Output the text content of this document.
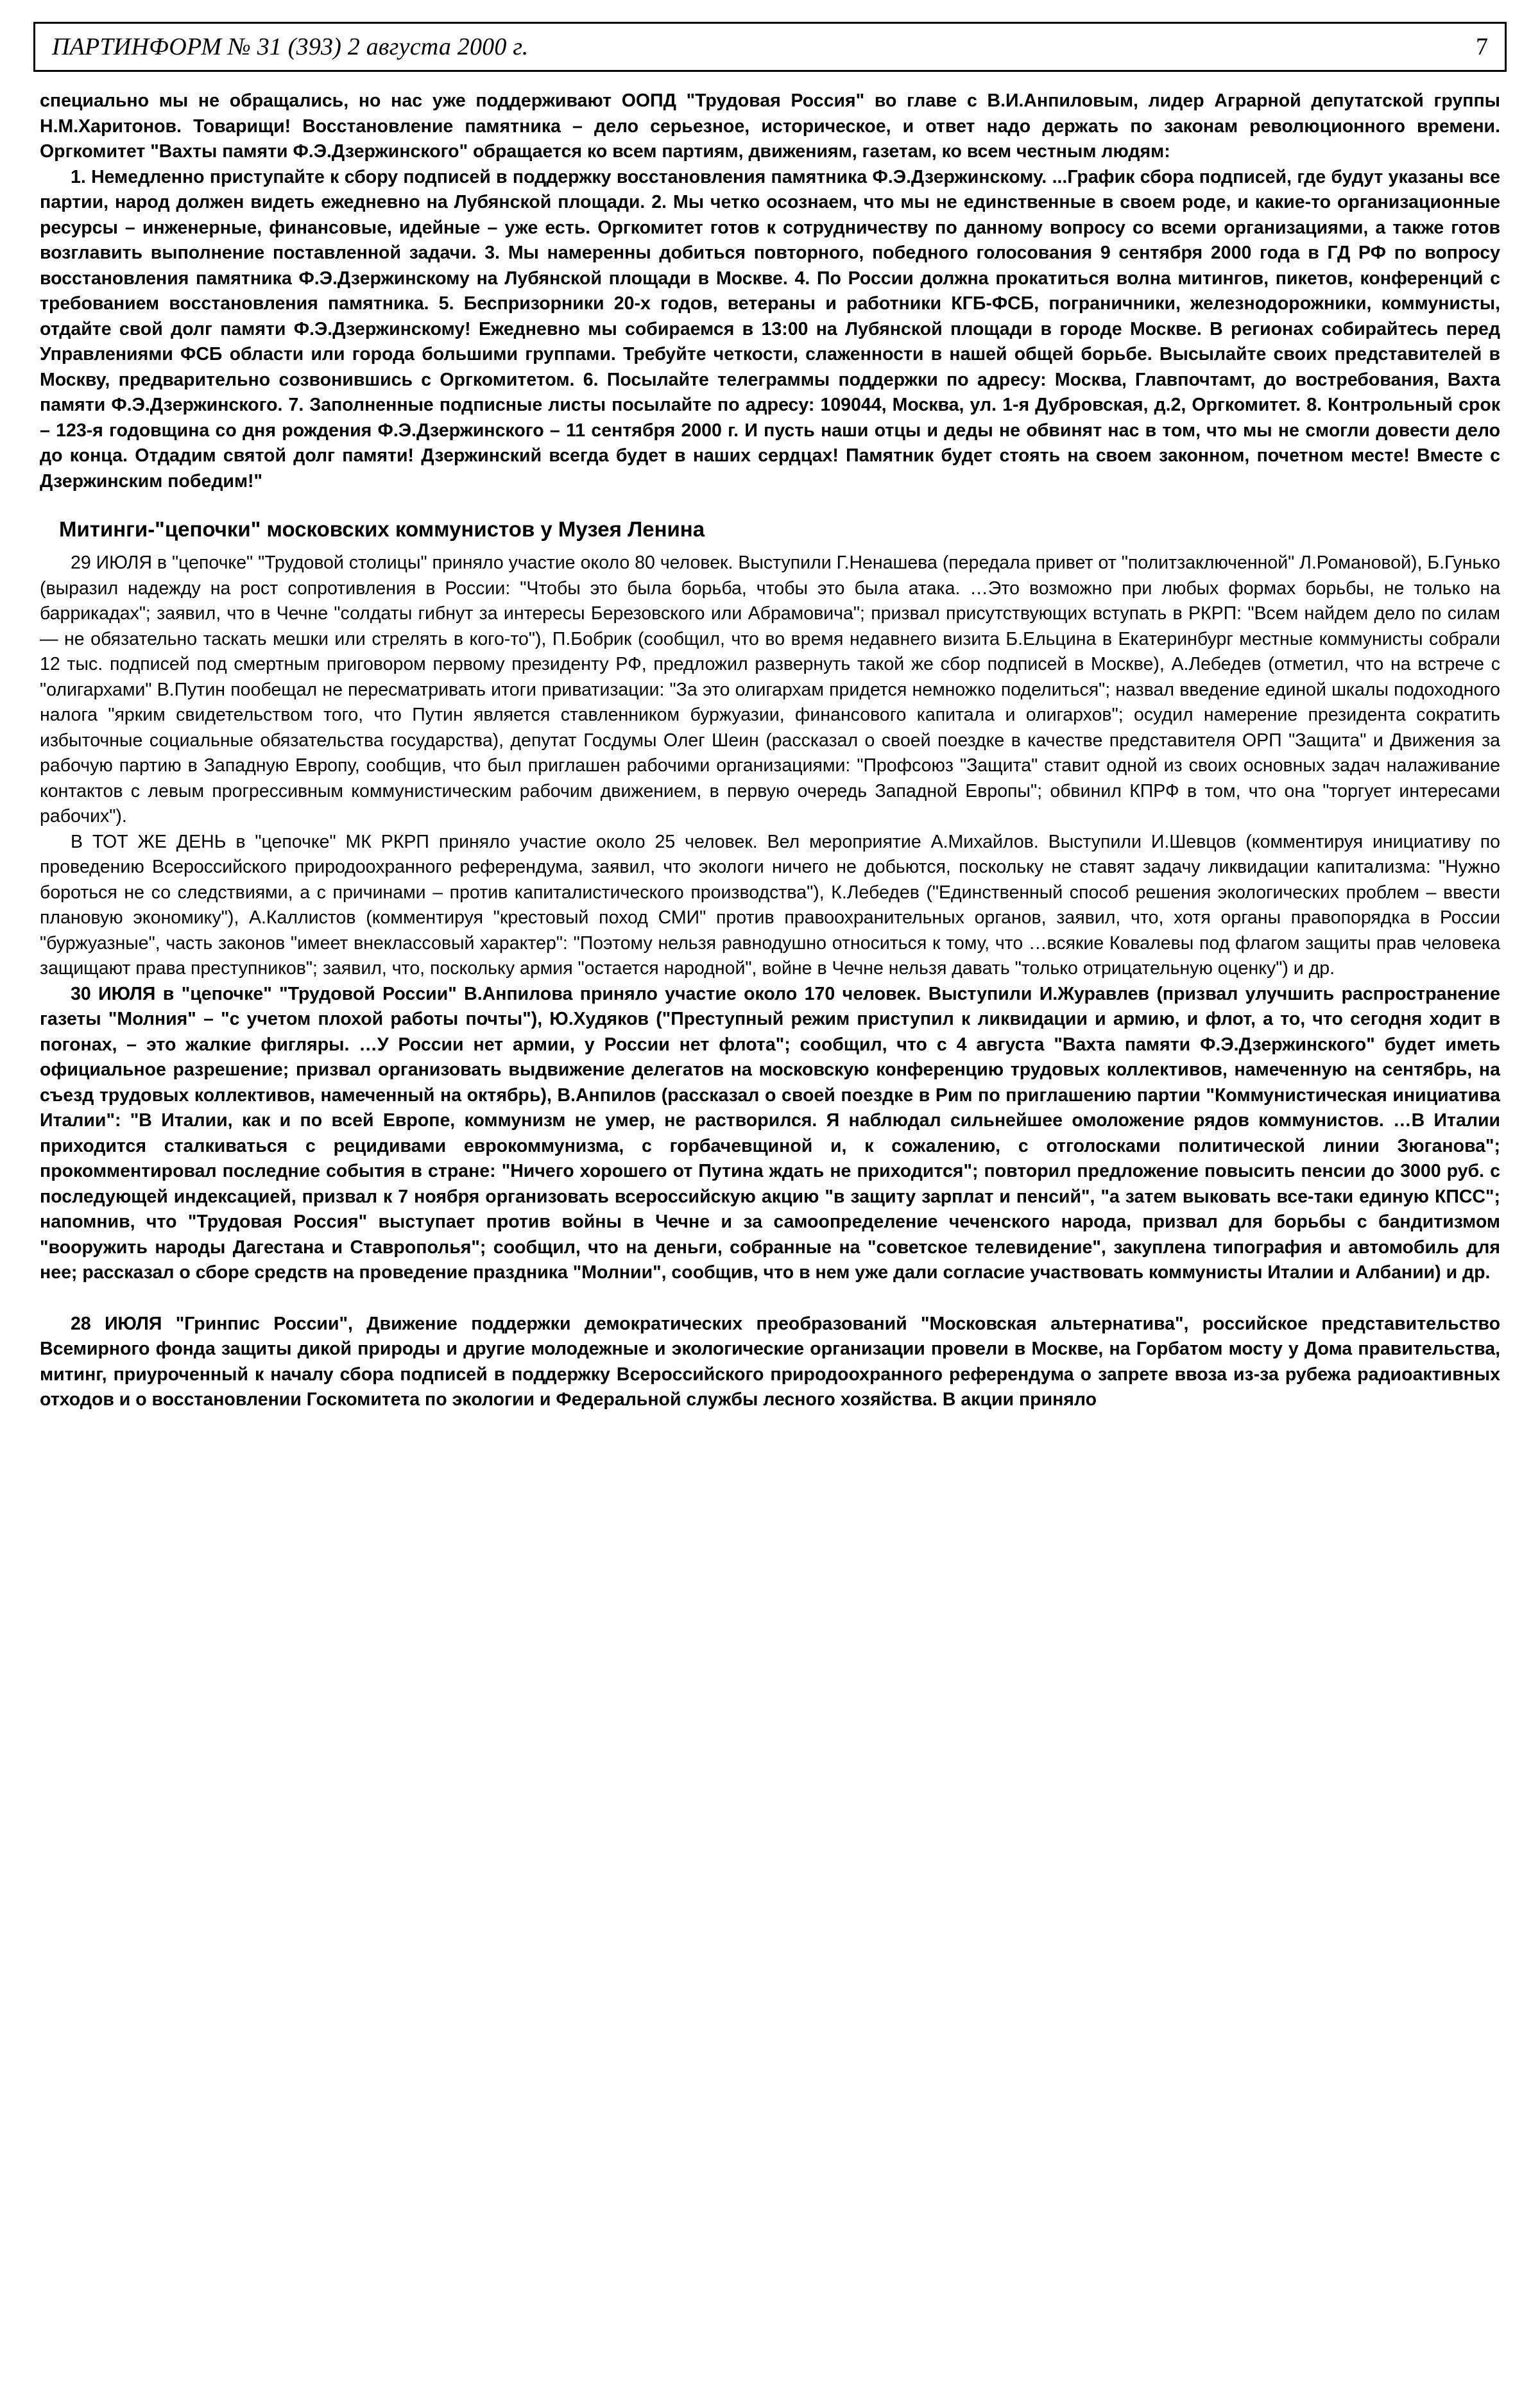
ПАРТИНФОРМ № 31 (393) 2 августа 2000 г.	7

специально мы не обращались, но нас уже поддерживают ООПД "Трудовая Россия" во главе с В.И.Анпиловым, лидер Аграрной депутатской группы Н.М.Харитонов. Товарищи! Восстановление памятника – дело серьезное, историческое, и ответ надо держать по законам революционного времени. Оргкомитет "Вахты памяти Ф.Э.Дзержинского" обращается ко всем партиям, движениям, газетам, ко всем честным людям:

1. Немедленно приступайте к сбору подписей в поддержку восстановления памятника Ф.Э.Дзержинскому. ...График сбора подписей, где будут указаны все партии, народ должен видеть ежедневно на Лубянской площади. 2. Мы четко осознаем, что мы не единственные в своем роде, и какие-то организационные ресурсы – инженерные, финансовые, идейные – уже есть. Оргкомитет готов к сотрудничеству по данному вопросу со всеми организациями, а также готов возглавить выполнение поставленной задачи. 3. Мы намеренны добиться повторного, победного голосования 9 сентября 2000 года в ГД РФ по вопросу восстановления памятника Ф.Э.Дзержинскому на Лубянской площади в Москве. 4. По России должна прокатиться волна митингов, пикетов, конференций с требованием восстановления памятника. 5. Беспризорники 20-х годов, ветераны и работники КГБ-ФСБ, пограничники, железнодорожники, коммунисты, отдайте свой долг памяти Ф.Э.Дзержинскому! Ежедневно мы собираемся в 13:00 на Лубянской площади в городе Москве. В регионах собирайтесь перед Управлениями ФСБ области или города большими группами. Требуйте четкости, слаженности в нашей общей борьбе. Высылайте своих представителей в Москву, предварительно созвонившись с Оргкомитетом. 6. Посылайте телеграммы поддержки по адресу: Москва, Главпочтамт, до востребования, Вахта памяти Ф.Э.Дзержинского. 7. Заполненные подписные листы посылайте по адресу: 109044, Москва, ул. 1-я Дубровская, д.2, Оргкомитет. 8. Контрольный срок – 123-я годовщина со дня рождения Ф.Э.Дзержинского – 11 сентября 2000 г. И пусть наши отцы и деды не обвинят нас в том, что мы не смогли довести дело до конца. Отдадим святой долг памяти! Дзержинский всегда будет в наших сердцах! Памятник будет стоять на своем законном, почетном месте! Вместе с Дзержинским победим!"

Митинги-"цепочки" московских коммунистов у Музея Ленина

29 ИЮЛЯ в "цепочке" "Трудовой столицы" приняло участие около 80 человек. Выступили Г.Ненашева (передала привет от "политзаключенной" Л.Романовой), Б.Гунько (выразил надежду на рост сопротивления в России: "Чтобы это была борьба, чтобы это была атака. …Это возможно при любых формах борьбы, не только на баррикадах"; заявил, что в Чечне "солдаты гибнут за интересы Березовского или Абрамовича"; призвал присутствующих вступать в РКРП: "Всем найдем дело по силам — не обязательно таскать мешки или стрелять в кого-то"), П.Бобрик (сообщил, что во время недавнего визита Б.Ельцина в Екатеринбург местные коммунисты собрали 12 тыс. подписей под смертным приговором первому президенту РФ, предложил развернуть такой же сбор подписей в Москве), А.Лебедев (отметил, что на встрече с "олигархами" В.Путин пообещал не пересматривать итоги приватизации: "За это олигархам придется немножко поделиться"; назвал введение единой шкалы подоходного налога "ярким свидетельством того, что Путин является ставленником буржуазии, финансового капитала и олигархов"; осудил намерение президента сократить избыточные социальные обязательства государства), депутат Госдумы Олег Шеин (рассказал о своей поездке в качестве представителя ОРП "Защита" и Движения за рабочую партию в Западную Европу, сообщив, что был приглашен рабочими организациями: "Профсоюз "Защита" ставит одной из своих основных задач налаживание контактов с левым прогрессивным коммунистическим рабочим движением, в первую очередь Западной Европы"; обвинил КПРФ в том, что она "торгует интересами рабочих").

В ТОТ ЖЕ ДЕНЬ в "цепочке" МК РКРП приняло участие около 25 человек. Вел мероприятие А.Михайлов. Выступили И.Шевцов (комментируя инициативу по проведению Всероссийского природоохранного референдума, заявил, что экологи ничего не добьются, поскольку не ставят задачу ликвидации капитализма: "Нужно бороться не со следствиями, а с причинами – против капиталистического производства"), К.Лебедев ("Единственный способ решения экологических проблем – ввести плановую экономику"), А.Каллистов (комментируя "крестовый поход СМИ" против правоохранительных органов, заявил, что, хотя органы правопорядка в России "буржуазные", часть законов "имеет внеклассовый характер": "Поэтому нельзя равнодушно относиться к тому, что …всякие Ковалевы под флагом защиты прав человека защищают права преступников"; заявил, что, поскольку армия "остается народной", войне в Чечне нельзя давать "только отрицательную оценку") и др.

30 ИЮЛЯ в "цепочке" "Трудовой России" В.Анпилова приняло участие около 170 человек. Выступили И.Журавлев (призвал улучшить распространение газеты "Молния" – "с учетом плохой работы почты"), Ю.Худяков ("Преступный режим приступил к ликвидации и армию, и флот, а то, что сегодня ходит в погонах, – это жалкие фигляры. …У России нет армии, у России нет флота"; сообщил, что с 4 августа "Вахта памяти Ф.Э.Дзержинского" будет иметь официальное разрешение; призвал организовать выдвижение делегатов на московскую конференцию трудовых коллективов, намеченную на сентябрь, на съезд трудовых коллективов, намеченный на октябрь), В.Анпилов (рассказал о своей поездке в Рим по приглашению партии "Коммунистическая инициатива Италии": "В Италии, как и по всей Европе, коммунизм не умер, не растворился. Я наблюдал сильнейшее омоложение рядов коммунистов. …В Италии приходится сталкиваться с рецидивами еврокоммунизма, с горбачевщиной и, к сожалению, с отголосками политической линии Зюганова"; прокомментировал последние события в стране: "Ничего хорошего от Путина ждать не приходится"; повторил предложение повысить пенсии до 3000 руб. с последующей индексацией, призвал к 7 ноября организовать всероссийскую акцию "в защиту зарплат и пенсий", "а затем выковать все-таки единую КПСС"; напомнив, что "Трудовая Россия" выступает против войны в Чечне и за самоопределение чеченского народа, призвал для борьбы с бандитизмом "вооружить народы Дагестана и Ставрополья"; сообщил, что на деньги, собранные на "советское телевидение", закуплена типография и автомобиль для нее; рассказал о сборе средств на проведение праздника "Молнии", сообщив, что в нем уже дали согласие участвовать коммунисты Италии и Албании) и др.

28 ИЮЛЯ "Гринпис России", Движение поддержки демократических преобразований "Московская альтернатива", российское представительство Всемирного фонда защиты дикой природы и другие молодежные и экологические организации провели в Москве, на Горбатом мосту у Дома правительства, митинг, приуроченный к началу сбора подписей в поддержку Всероссийского природоохранного референдума о запрете ввоза из-за рубежа радиоактивных отходов и о восстановлении Госкомитета по экологии и Федеральной службы лесного хозяйства. В акции приняло
